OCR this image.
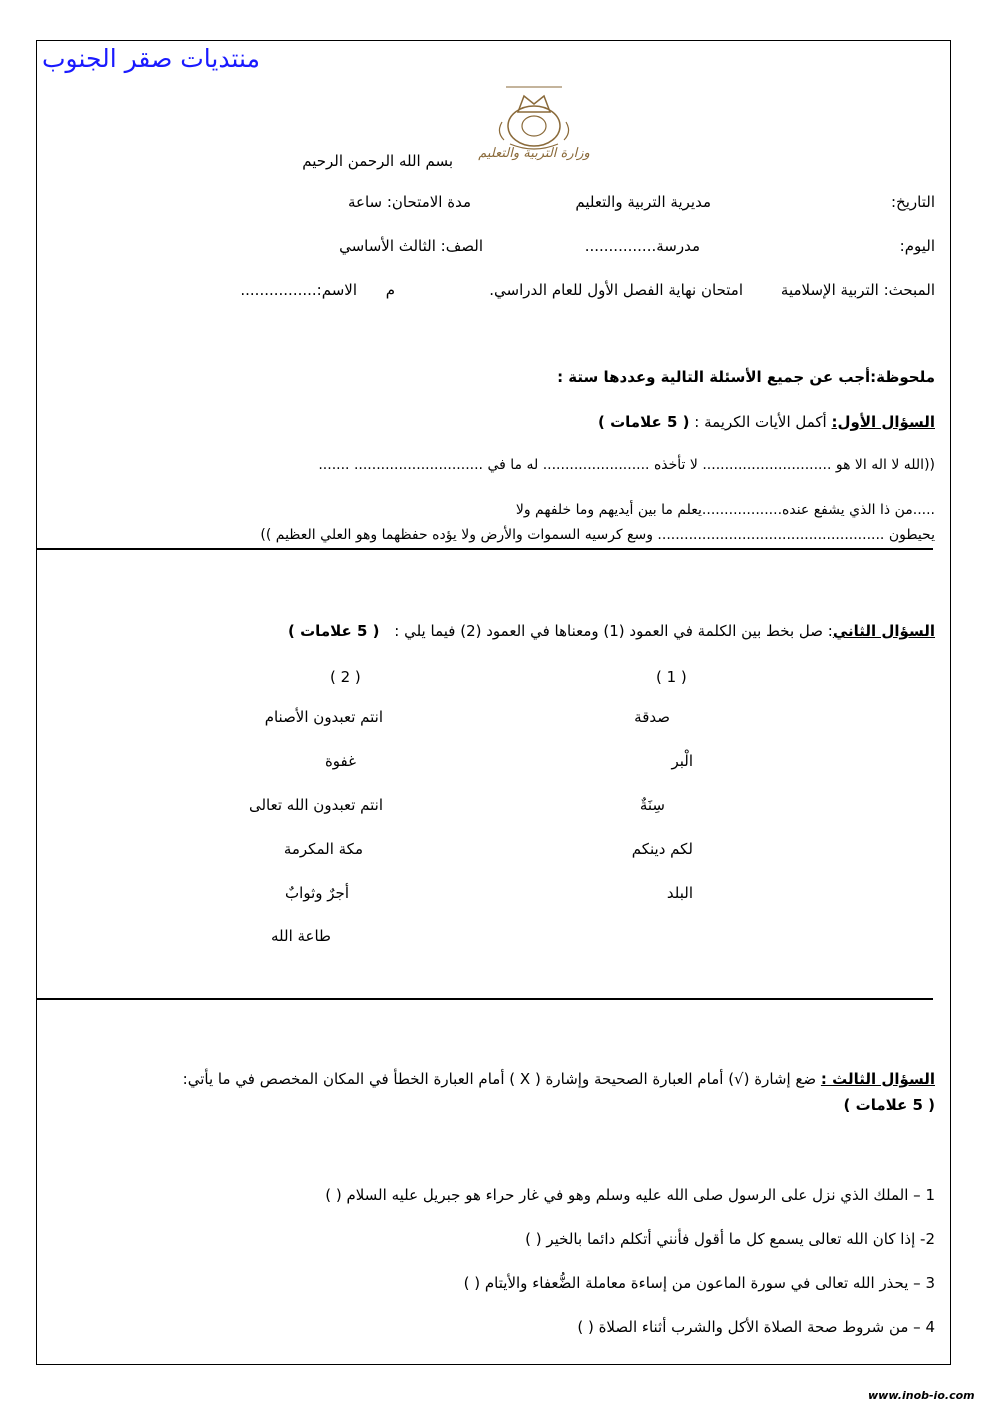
منتديات صقر الجنوب
وزارة التربية والتعليم
بسم الله الرحمن الرحيم
التاريخ:
مديرية التربية والتعليم
مدة الامتحان: ساعة
اليوم:
مدرسة...............
الصف: الثالث الأساسي
المبحث: التربية الإسلامية
امتحان نهاية الفصل الأول للعام الدراسي.
م
الاسم:................
ملحوظة:أجب عن جميع الأسئلة التالية وعددها ستة :
السؤال الأول: أكمل الأيات الكريمة : ( 5 علامات )
((الله لا اله الا هو ............................. لا تأخذه ........................ له ما في ............................. .......
.....من ذا الذي يشفع عنده..................يعلم ما بين أيديهم وما خلفهم ولا
يحيطون ................................................... وسع كرسيه السموات والأرض ولا يؤده حفظهما وهو العلي العظيم ))
السؤال الثاني: صل بخط بين الكلمة في العمود (1) ومعناها في العمود (2) فيما يلي : ( 5 علامات )
( 1 )
( 2 )
صدقة
الْبر
سِنَةٌ
لكم دينكم
البلد
انتم تعبدون الأصنام
غفوة
انتم تعبدون الله تعالى
مكة المكرمة
أجرٌ وثوابٌ
طاعة الله
السؤال الثالث : ضع إشارة (√) أمام العبارة الصحيحة وإشارة ( Ⅹ ) أمام العبارة الخطأ في المكان المخصص في ما يأتي:
( 5 علامات )
1 – الملك الذي نزل على الرسول صلى الله عليه وسلم وهو في غار حراء هو جبريل عليه السلام ( )
2- إذا كان الله تعالى يسمع كل ما أقول فأنني أتكلم دائما بالخير ( )
3 – يحذر الله تعالى في سورة الماعون من إساءة معاملة الضُّعفاء والأيتام ( )
4 – من شروط صحة الصلاة الأكل والشرب أثناء الصلاة ( )
www.inob-io.com
